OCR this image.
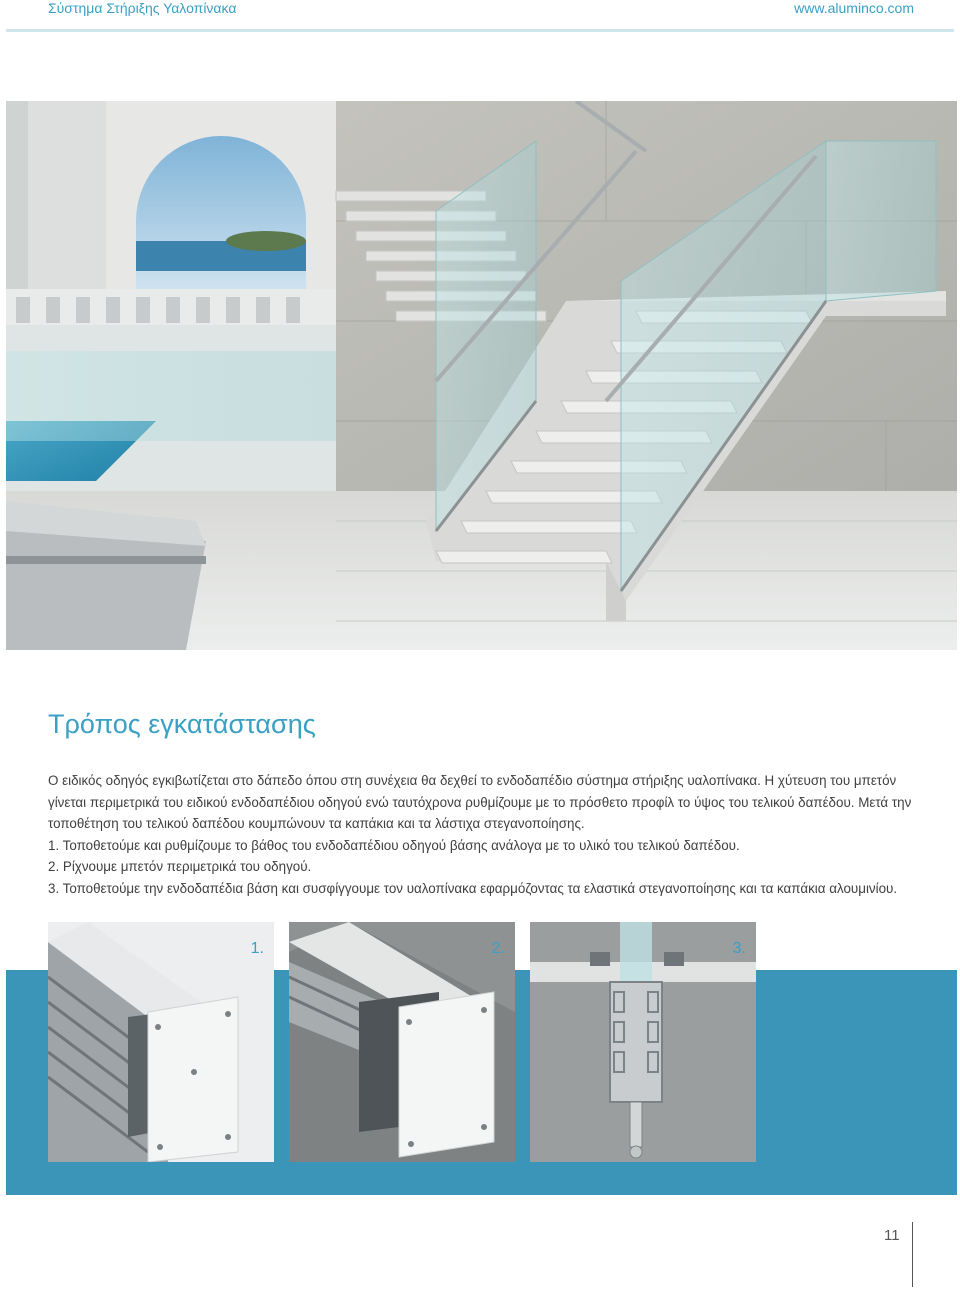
Σύστημα Στήριξης Υαλοπίνακα	www.aluminco.com
Τρόπος εγκατάστασης

Ο ειδικός οδηγός εγκιβωτίζεται στο δάπεδο όπου στη συνέχεια θα δεχθεί το ενδοδαπέδιο σύστημα στήριξης υαλοπίνακα. Η χύτευση του μπετόν γίνεται περιμετρικά του ειδικού ενδοδαπέδιου οδηγού ενώ ταυτόχρονα ρυθμίζουμε με το πρόσθετο προφίλ το ύψος του τελικού δαπέδου. Μετά την τοποθέτηση του τελικού δαπέδου κουμπώνουν τα καπάκια και τα λάστιχα στεγανοποίησης.

1. Τοποθετούμε και ρυθμίζουμε το βάθος του ενδοδαπέδιου οδηγού βάσης ανάλογα με το υλικό του τελικού δαπέδου.

2. Ρίχνουμε μπετόν περιμετρικά του οδηγού.

3. Τοποθετούμε την ενδοδαπέδια βάση και συσφίγγουμε τον υαλοπίνακα εφαρμόζοντας τα ελαστικά στεγανοποίησης και τα καπάκια αλουμινίου.

1.	2.	3.
11
